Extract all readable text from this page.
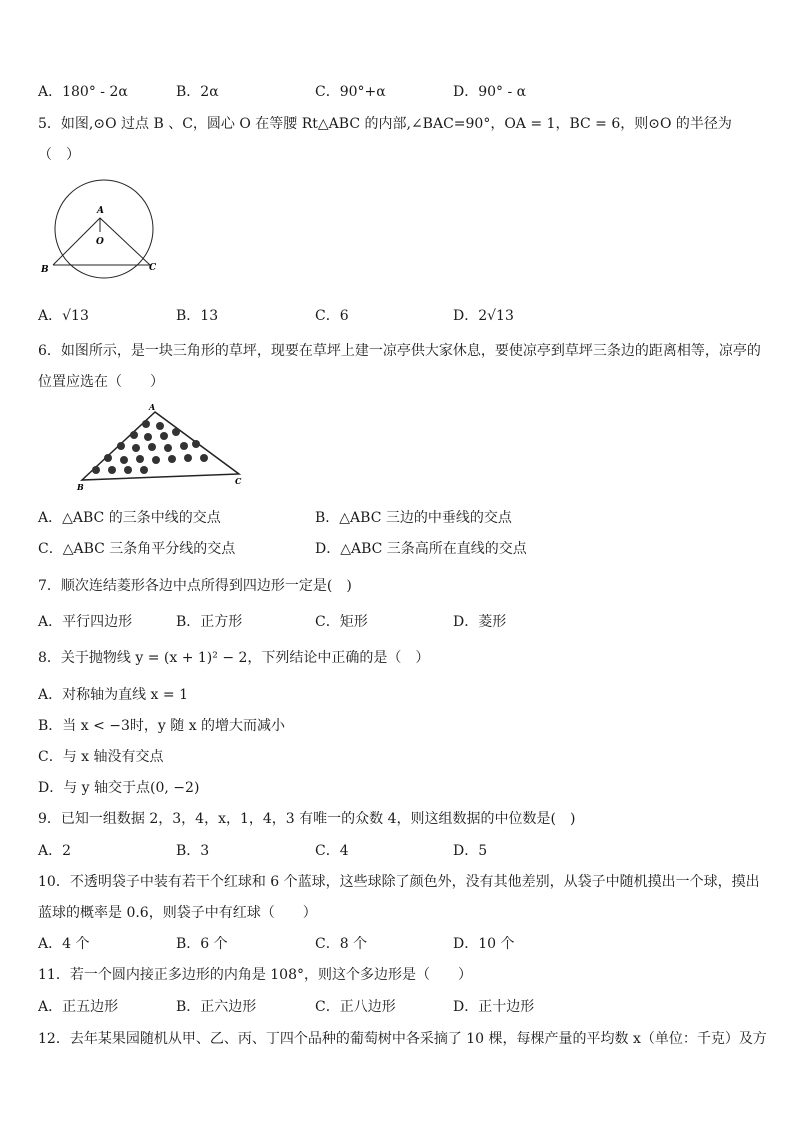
A．180° - 2α	B．2α	C．90°+α	D．90° - α
5．如图,⊙O 过点 B 、C，圆心 O 在等腰 Rt△ABC 的内部,∠BAC=90°，OA = 1，BC = 6，则⊙O 的半径为
（　）
A
O
B	C
A．√13	B．13	C．6	D．2√13
6．如图所示，是一块三角形的草坪，现要在草坪上建一凉亭供大家休息，要使凉亭到草坪三条边的距离相等，凉亭的
位置应选在（　　）
A
B
C
A．△ABC 的三条中线的交点	B．△ABC 三边的中垂线的交点
C．△ABC 三条角平分线的交点	D．△ABC 三条高所在直线的交点
7．顺次连结菱形各边中点所得到四边形一定是(　)
A．平行四边形	B．正方形	C．矩形	D．菱形
8．关于抛物线 y = (x + 1)² − 2，下列结论中正确的是（　）
A．对称轴为直线 x = 1
B．当 x < −3时，y 随 x 的增大而减小
C．与 x 轴没有交点
D．与 y 轴交于点(0, −2)
9．已知一组数据 2，3，4，x，1，4，3 有唯一的众数 4，则这组数据的中位数是(　)
A．2	B．3	C．4	D．5
10．不透明袋子中装有若干个红球和 6 个蓝球，这些球除了颜色外，没有其他差别，从袋子中随机摸出一个球，摸出
蓝球的概率是 0.6，则袋子中有红球（　　）
A．4 个	B．6 个	C．8 个	D．10 个
11．若一个圆内接正多边形的内角是 108°，则这个多边形是（　　）
A．正五边形	B．正六边形	C．正八边形	D．正十边形
12．去年某果园随机从甲、乙、丙、丁四个品种的葡萄树中各采摘了 10 棵，每棵产量的平均数 x（单位：千克）及方
